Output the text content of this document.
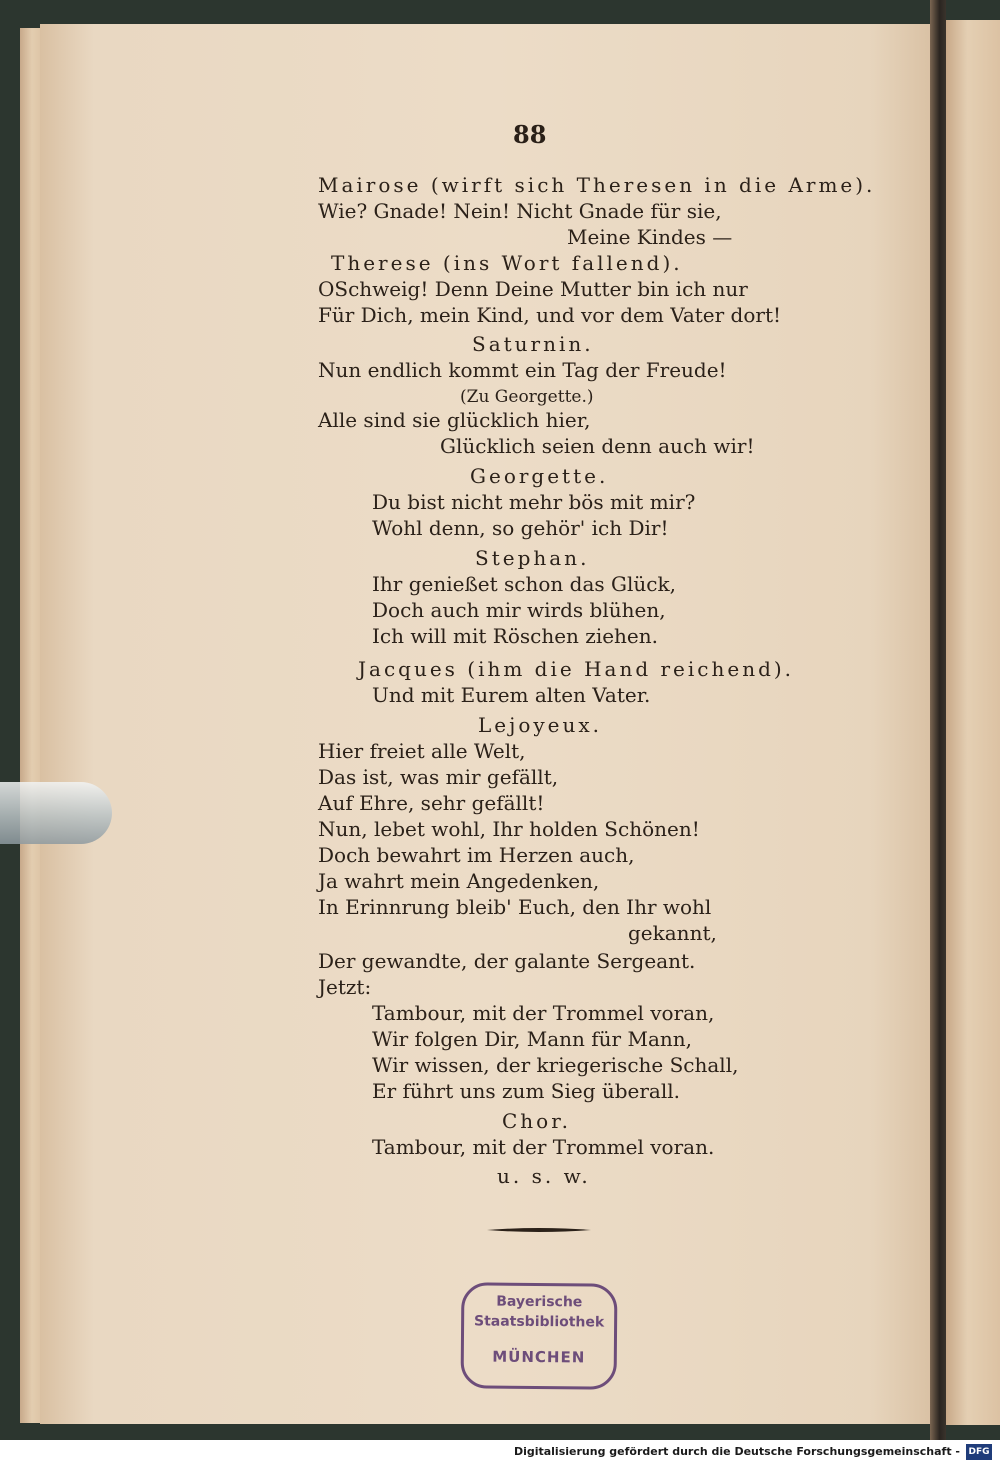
88
Mairose (wirft sich Theresen in die Arme).
Wie? Gnade! Nein! Nicht Gnade für sie,
Meine Kindes —
Therese (ins Wort fallend).
OSchweig! Denn Deine Mutter bin ich nur
Für Dich, mein Kind, und vor dem Vater dort!
Saturnin.
Nun endlich kommt ein Tag der Freude!
(Zu Georgette.)
Alle sind sie glücklich hier,
Glücklich seien denn auch wir!
Georgette.
Du bist nicht mehr bös mit mir?
Wohl denn, so gehör' ich Dir!
Stephan.
Ihr genießet schon das Glück,
Doch auch mir wirds blühen,
Ich will mit Röschen ziehen.
Jacques (ihm die Hand reichend).
Und mit Eurem alten Vater.
Lejoyeux.
Hier freiet alle Welt,
Das ist, was mir gefällt,
Auf Ehre, sehr gefällt!
Nun, lebet wohl, Ihr holden Schönen!
Doch bewahrt im Herzen auch,
Ja wahrt mein Angedenken,
In Erinnrung bleib' Euch, den Ihr wohl
gekannt,
Der gewandte, der galante Sergeant.
Jetzt:
Tambour, mit der Trommel voran,
Wir folgen Dir, Mann für Mann,
Wir wissen, der kriegerische Schall,
Er führt uns zum Sieg überall.
Chor.
Tambour, mit der Trommel voran.
u. s. w.
Bayerische
Staatsbibliothek
MÜNCHEN
Digitalisierung gefördert durch die Deutsche Forschungsgemeinschaft - DFG
